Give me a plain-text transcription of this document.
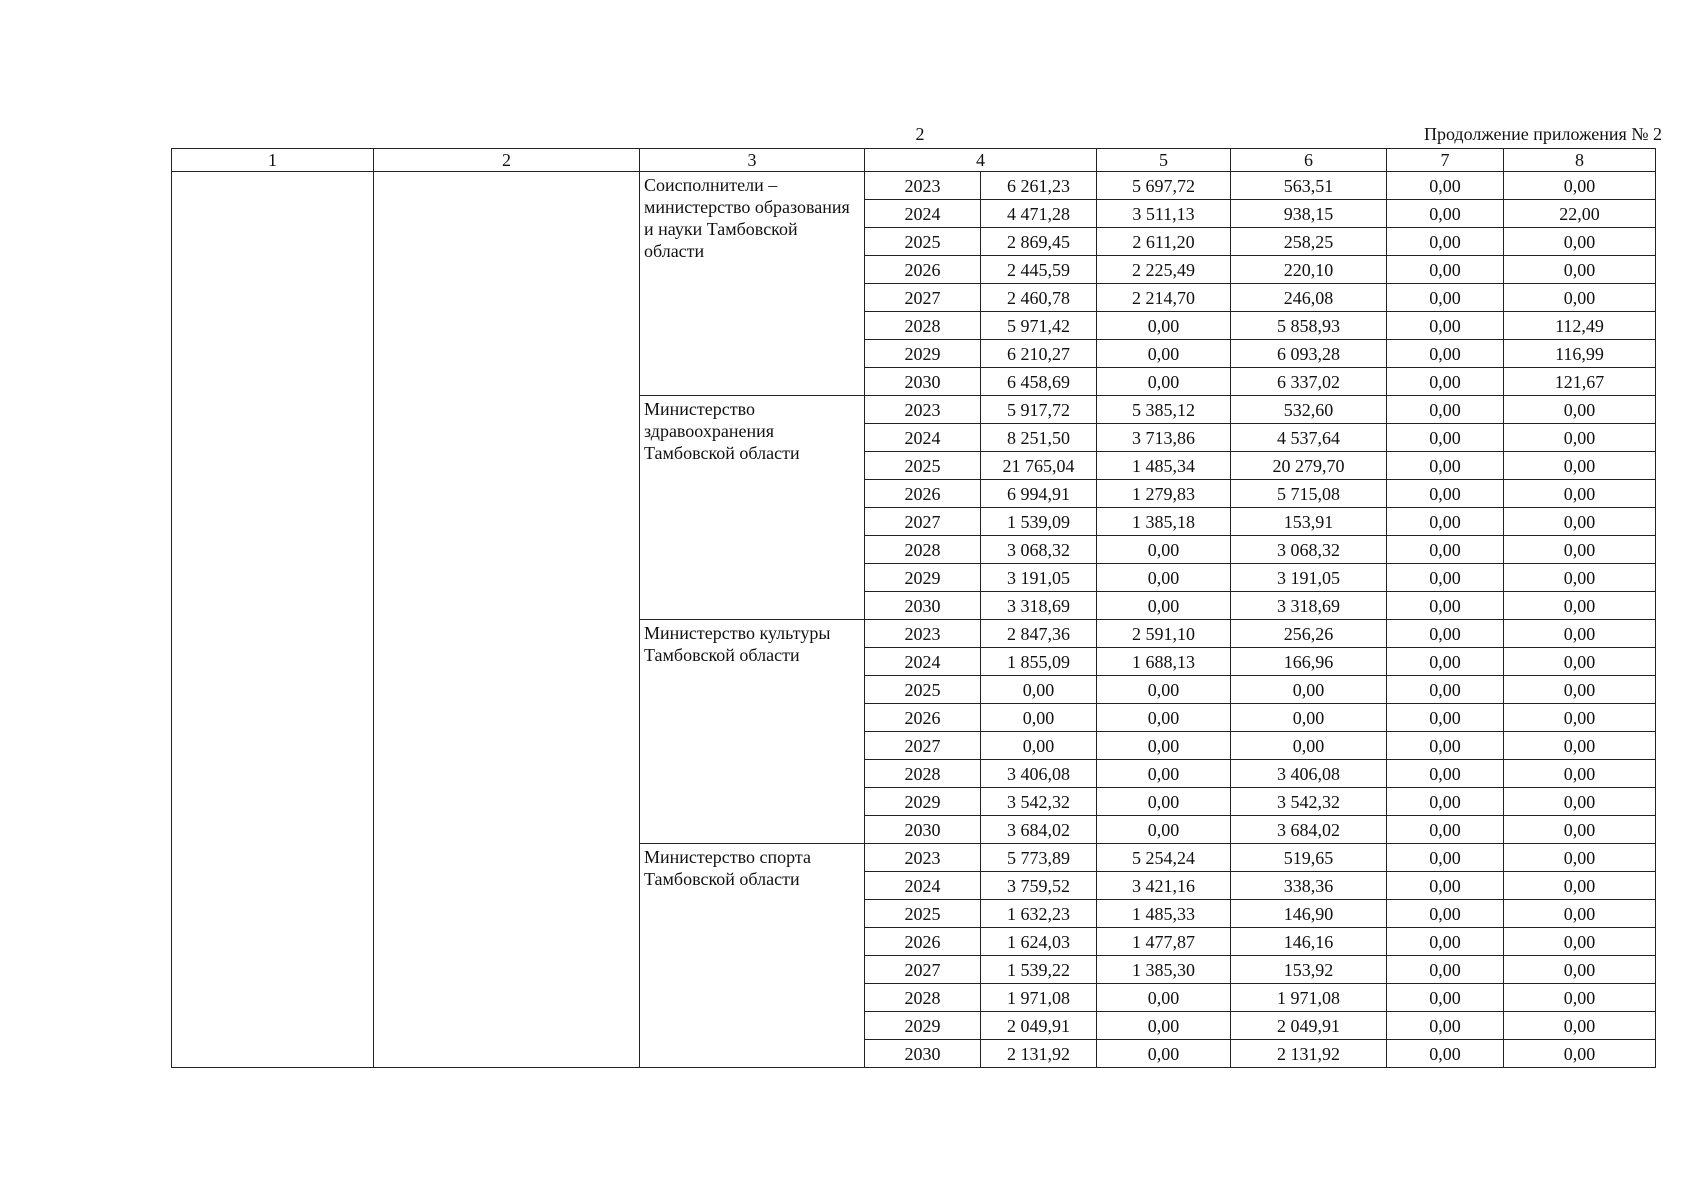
2	Продолжение приложения № 2
1	2	3	4		5	6	7	8
		Соисполнители – министерство образования и науки Тамбовской области	2023	6 261,23	5 697,72	563,51	0,00	0,00
			2024	4 471,28	3 511,13	938,15	0,00	22,00
			2025	2 869,45	2 611,20	258,25	0,00	0,00
			2026	2 445,59	2 225,49	220,10	0,00	0,00
			2027	2 460,78	2 214,70	246,08	0,00	0,00
			2028	5 971,42	0,00	5 858,93	0,00	112,49
			2029	6 210,27	0,00	6 093,28	0,00	116,99
			2030	6 458,69	0,00	6 337,02	0,00	121,67
		Министерство здравоохранения Тамбовской области	2023	5 917,72	5 385,12	532,60	0,00	0,00
			2024	8 251,50	3 713,86	4 537,64	0,00	0,00
			2025	21 765,04	1 485,34	20 279,70	0,00	0,00
			2026	6 994,91	1 279,83	5 715,08	0,00	0,00
			2027	1 539,09	1 385,18	153,91	0,00	0,00
			2028	3 068,32	0,00	3 068,32	0,00	0,00
			2029	3 191,05	0,00	3 191,05	0,00	0,00
			2030	3 318,69	0,00	3 318,69	0,00	0,00
		Министерство культуры Тамбовской области	2023	2 847,36	2 591,10	256,26	0,00	0,00
			2024	1 855,09	1 688,13	166,96	0,00	0,00
			2025	0,00	0,00	0,00	0,00	0,00
			2026	0,00	0,00	0,00	0,00	0,00
			2027	0,00	0,00	0,00	0,00	0,00
			2028	3 406,08	0,00	3 406,08	0,00	0,00
			2029	3 542,32	0,00	3 542,32	0,00	0,00
			2030	3 684,02	0,00	3 684,02	0,00	0,00
		Министерство спорта Тамбовской области	2023	5 773,89	5 254,24	519,65	0,00	0,00
			2024	3 759,52	3 421,16	338,36	0,00	0,00
			2025	1 632,23	1 485,33	146,90	0,00	0,00
			2026	1 624,03	1 477,87	146,16	0,00	0,00
			2027	1 539,22	1 385,30	153,92	0,00	0,00
			2028	1 971,08	0,00	1 971,08	0,00	0,00
			2029	2 049,91	0,00	2 049,91	0,00	0,00
			2030	2 131,92	0,00	2 131,92	0,00	0,00
